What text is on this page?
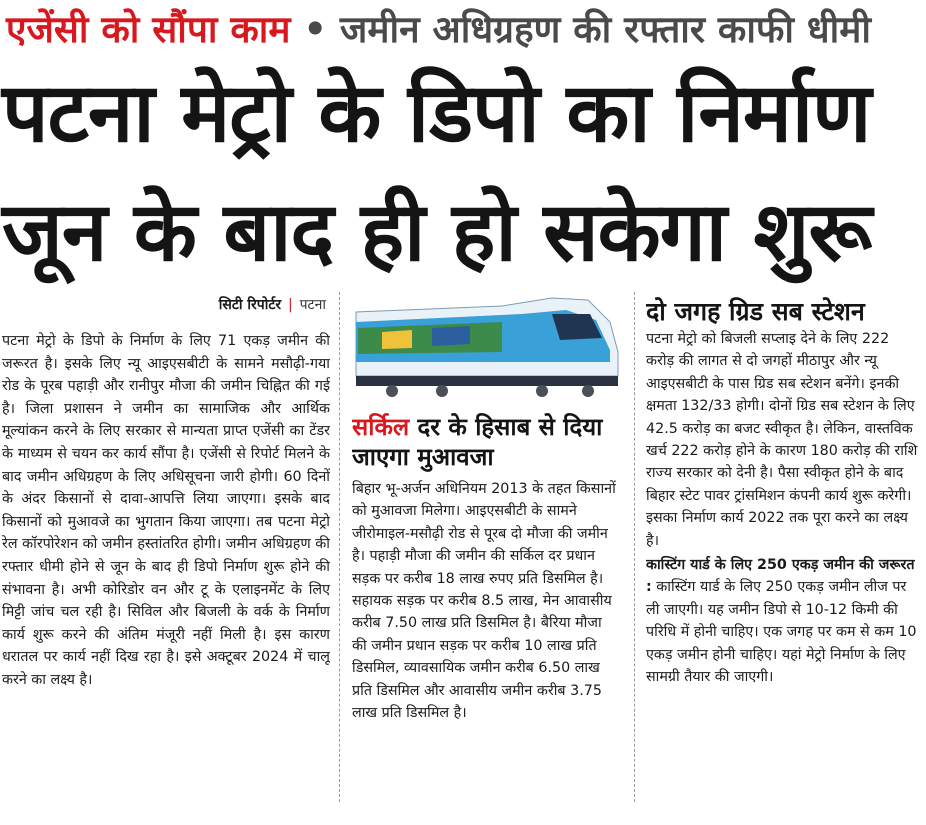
एजेंसी को सौंपा काम • जमीन अधिग्रहण की रफ्तार काफी धीमी
पटना मेट्रो के डिपो का निर्माण
जून के बाद ही हो सकेगा शुरू
सिटी रिपोर्टर | पटना
पटना मेट्रो के डिपो के निर्माण के लिए 71 एकड़ जमीन की जरूरत है। इसके लिए न्यू आइएसबीटी के सामने मसौढ़ी-गया रोड के पूरब पहाड़ी और रानीपुर मौजा की जमीन चिह्नित की गई है। जिला प्रशासन ने जमीन का सामाजिक और आर्थिक मूल्यांकन करने के लिए सरकार से मान्यता प्राप्त एजेंसी का टेंडर के माध्यम से चयन कर कार्य सौंपा है। एजेंसी से रिपोर्ट मिलने के बाद जमीन अधिग्रहण के लिए अधिसूचना जारी होगी। 60 दिनों के अंदर किसानों से दावा-आपत्ति लिया जाएगा। इसके बाद किसानों को मुआवजे का भुगतान किया जाएगा। तब पटना मेट्रो रेल कॉरपोरेशन को जमीन हस्तांतरित होगी। जमीन अधिग्रहण की रफ्तार धीमी होने से जून के बाद ही डिपो निर्माण शुरू होने की संभावना है। अभी कोरिडोर वन और टू के एलाइनमेंट के लिए मिट्टी जांच चल रही है। सिविल और बिजली के वर्क के निर्माण कार्य शुरू करने की अंतिम मंजूरी नहीं मिली है। इस कारण धरातल पर कार्य नहीं दिख रहा है। इसे अक्टूबर 2024 में चालू करने का लक्ष्य है।
सर्किल दर के हिसाब से दिया जाएगा मुआवजा
बिहार भू-अर्जन अधिनियम 2013 के तहत किसानों को मुआवजा मिलेगा। आइएसबीटी के सामने जीरोमाइल-मसौढ़ी रोड से पूरब दो मौजा की जमीन है। पहाड़ी मौजा की जमीन की सर्किल दर प्रधान सड़क पर करीब 18 लाख रुपए प्रति डिसमिल है। सहायक सड़क पर करीब 8.5 लाख, मेन आवासीय करीब 7.50 लाख प्रति डिसमिल है। बैरिया मौजा की जमीन प्रधान सड़क पर करीब 10 लाख प्रति डिसमिल, व्यावसायिक जमीन करीब 6.50 लाख प्रति डिसमिल और आवासीय जमीन करीब 3.75 लाख प्रति डिसमिल है।
दो जगह ग्रिड सब स्टेशन
पटना मेट्रो को बिजली सप्लाइ देने के लिए 222 करोड़ की लागत से दो जगहों मीठापुर और न्यू आइएसबीटी के पास ग्रिड सब स्टेशन बनेंगे। इनकी क्षमता 132/33 होगी। दोनों ग्रिड सब स्टेशन के लिए 42.5 करोड़ का बजट स्वीकृत है। लेकिन, वास्तविक खर्च 222 करोड़ होने के कारण 180 करोड़ की राशि राज्य सरकार को देनी है। पैसा स्वीकृत होने के बाद बिहार स्टेट पावर ट्रांसमिशन कंपनी कार्य शुरू करेगी। इसका निर्माण कार्य 2022 तक पूरा करने का लक्ष्य है।
कास्टिंग यार्ड के लिए 250 एकड़ जमीन की जरूरत : कास्टिंग यार्ड के लिए 250 एकड़ जमीन लीज पर ली जाएगी। यह जमीन डिपो से 10-12 किमी की परिधि में होनी चाहिए। एक जगह पर कम से कम 10 एकड़ जमीन होनी चाहिए। यहां मेट्रो निर्माण के लिए सामग्री तैयार की जाएगी।
